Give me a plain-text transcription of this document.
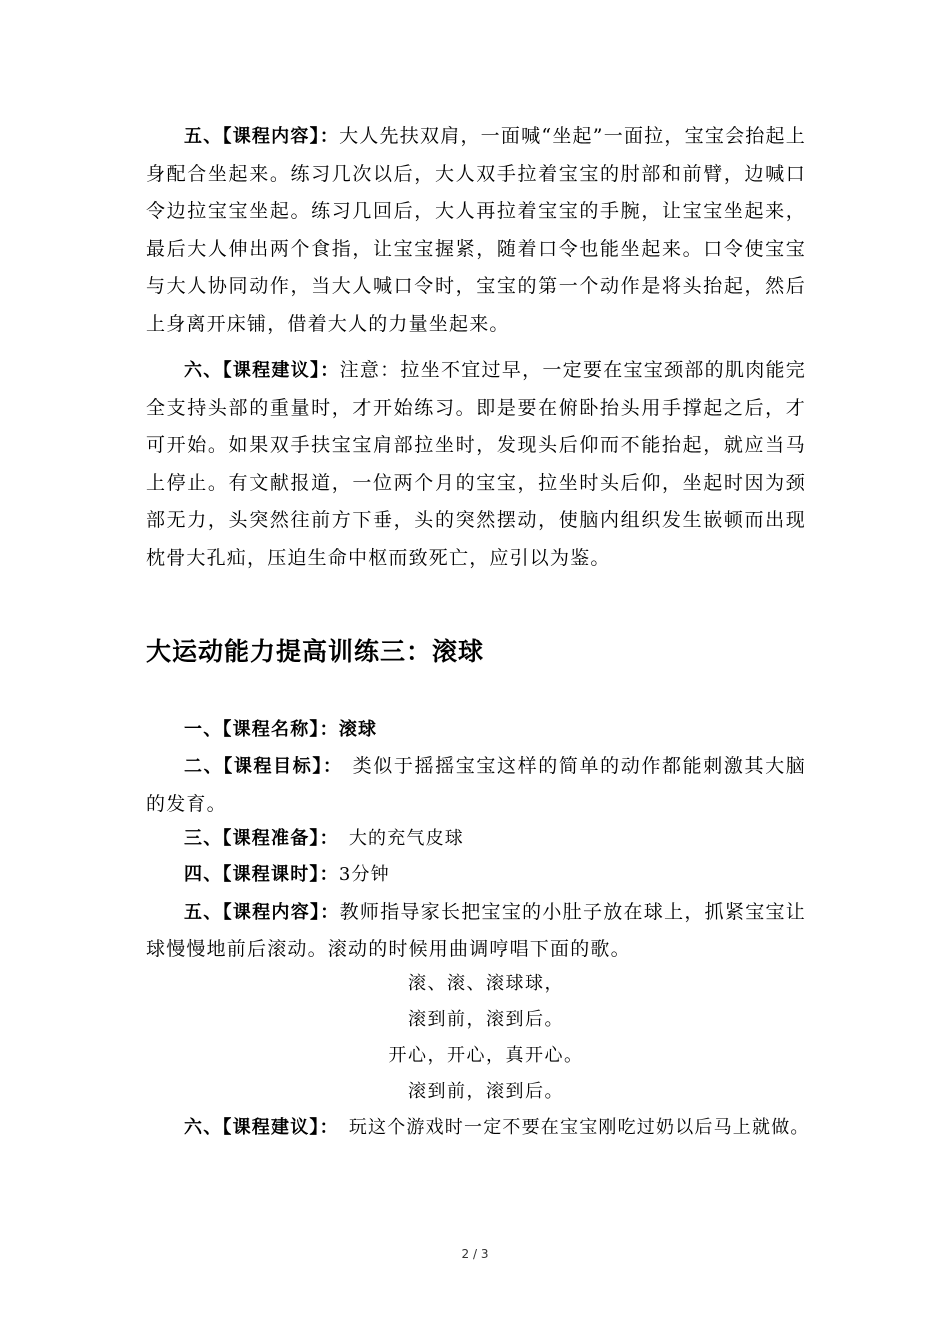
五、【课程内容】：大人先扶双肩，一面喊“坐起”一面拉，宝宝会抬起上身配合坐起来。练习几次以后，大人双手拉着宝宝的肘部和前臂，边喊口令边拉宝宝坐起。练习几回后，大人再拉着宝宝的手腕，让宝宝坐起来，最后大人伸出两个食指，让宝宝握紧，随着口令也能坐起来。口令使宝宝与大人协同动作，当大人喊口令时，宝宝的第一个动作是将头抬起，然后上身离开床铺，借着大人的力量坐起来。

六、【课程建议】：注意：拉坐不宜过早，一定要在宝宝颈部的肌肉能完全支持头部的重量时，才开始练习。即是要在俯卧抬头用手撑起之后，才可开始。如果双手扶宝宝肩部拉坐时，发现头后仰而不能抬起，就应当马上停止。有文献报道，一位两个月的宝宝，拉坐时头后仰，坐起时因为颈部无力，头突然往前方下垂，头的突然摆动，使脑内组织发生嵌顿而出现枕骨大孔疝，压迫生命中枢而致死亡，应引以为鉴。

大运动能力提高训练三：滚球

一、【课程名称】：滚球

二、【课程目标】： 类似于摇摇宝宝这样的简单的动作都能刺激其大脑的发育。

三、【课程准备】： 大的充气皮球

四、【课程课时】：3分钟

五、【课程内容】：教师指导家长把宝宝的小肚子放在球上，抓紧宝宝让球慢慢地前后滚动。滚动的时候用曲调哼唱下面的歌。

滚、滚、滚球球，

滚到前，滚到后。

开心，开心，真开心。

滚到前，滚到后。

六、【课程建议】： 玩这个游戏时一定不要在宝宝刚吃过奶以后马上就做。

2 / 3
